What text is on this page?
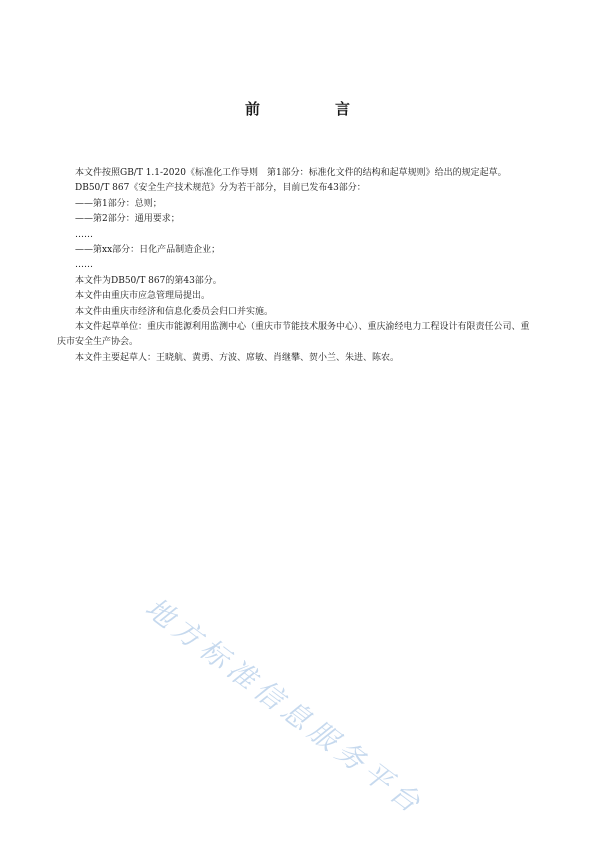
前　言

本文件按照GB/T 1.1-2020《标准化工作导则　第1部分：标准化文件的结构和起草规则》给出的规定起草。

DB50/T 867《安全生产技术规范》分为若干部分，目前已发布43部分：

——第1部分：总则；

——第2部分：通用要求；

……

——第xx部分：日化产品制造企业；

……

本文件为DB50/T 867的第43部分。

本文件由重庆市应急管理局提出。

本文件由重庆市经济和信息化委员会归口并实施。

本文件起草单位：重庆市能源利用监测中心（重庆市节能技术服务中心）、重庆渝经电力工程设计有限责任公司、重庆市安全生产协会。

本文件主要起草人：王晓航、黄勇、方波、席敏、肖继攀、贺小兰、朱进、陈农。

地方标准信息服务平台
